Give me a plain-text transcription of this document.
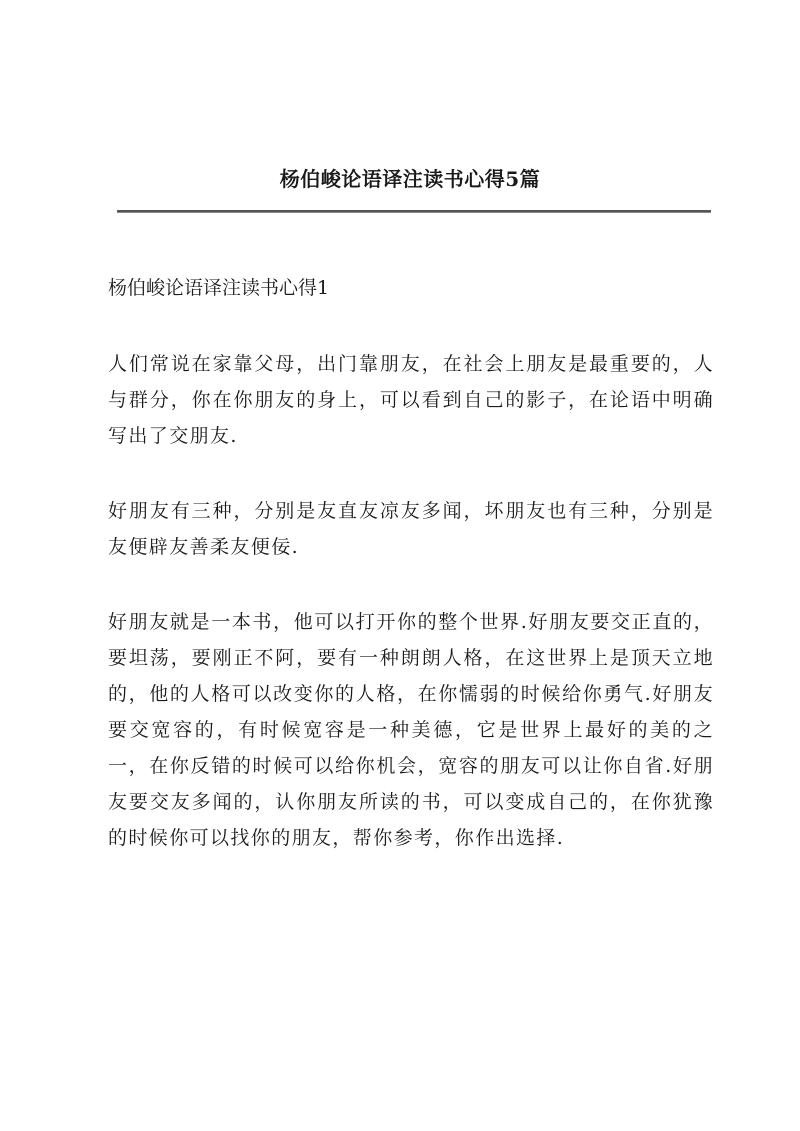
杨伯峻论语译注读书心得5篇

杨伯峻论语译注读书心得1

人们常说在家靠父母，出门靠朋友，在社会上朋友是最重要的，人与群分，你在你朋友的身上，可以看到自己的影子，在论语中明确写出了交朋友.

好朋友有三种，分别是友直友凉友多闻，坏朋友也有三种，分别是友便辟友善柔友便佞.

好朋友就是一本书，他可以打开你的整个世界.好朋友要交正直的，要坦荡，要刚正不阿，要有一种朗朗人格，在这世界上是顶天立地的，他的人格可以改变你的人格，在你懦弱的时候给你勇气.好朋友要交宽容的，有时候宽容是一种美德，它是世界上最好的美的之一，在你反错的时候可以给你机会，宽容的朋友可以让你自省.好朋友要交友多闻的，认你朋友所读的书，可以变成自己的，在你犹豫的时候你可以找你的朋友，帮你参考，你作出选择.
